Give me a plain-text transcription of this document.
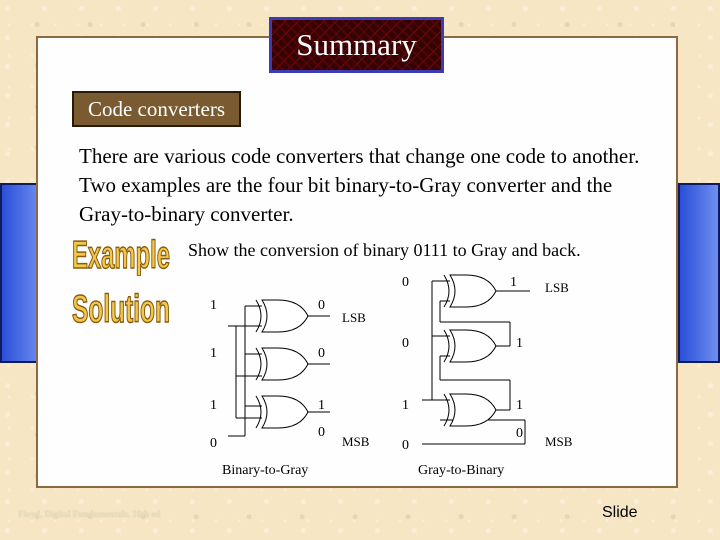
Summary
Code converters

There are various code converters that change one code to another. Two examples are the four bit binary-to-Gray converter and the Gray-to-binary converter.

Example
Solution
Show the conversion of binary 0111 to Gray and back.
1
1
1
0
0
0
1
0
LSB
MSB
Binary-to-Gray
0
0
1
0
1
1
1
0
LSB
MSB
Gray-to-Binary
Floyd, Digital Fundamentals, 10th ed	Slide
